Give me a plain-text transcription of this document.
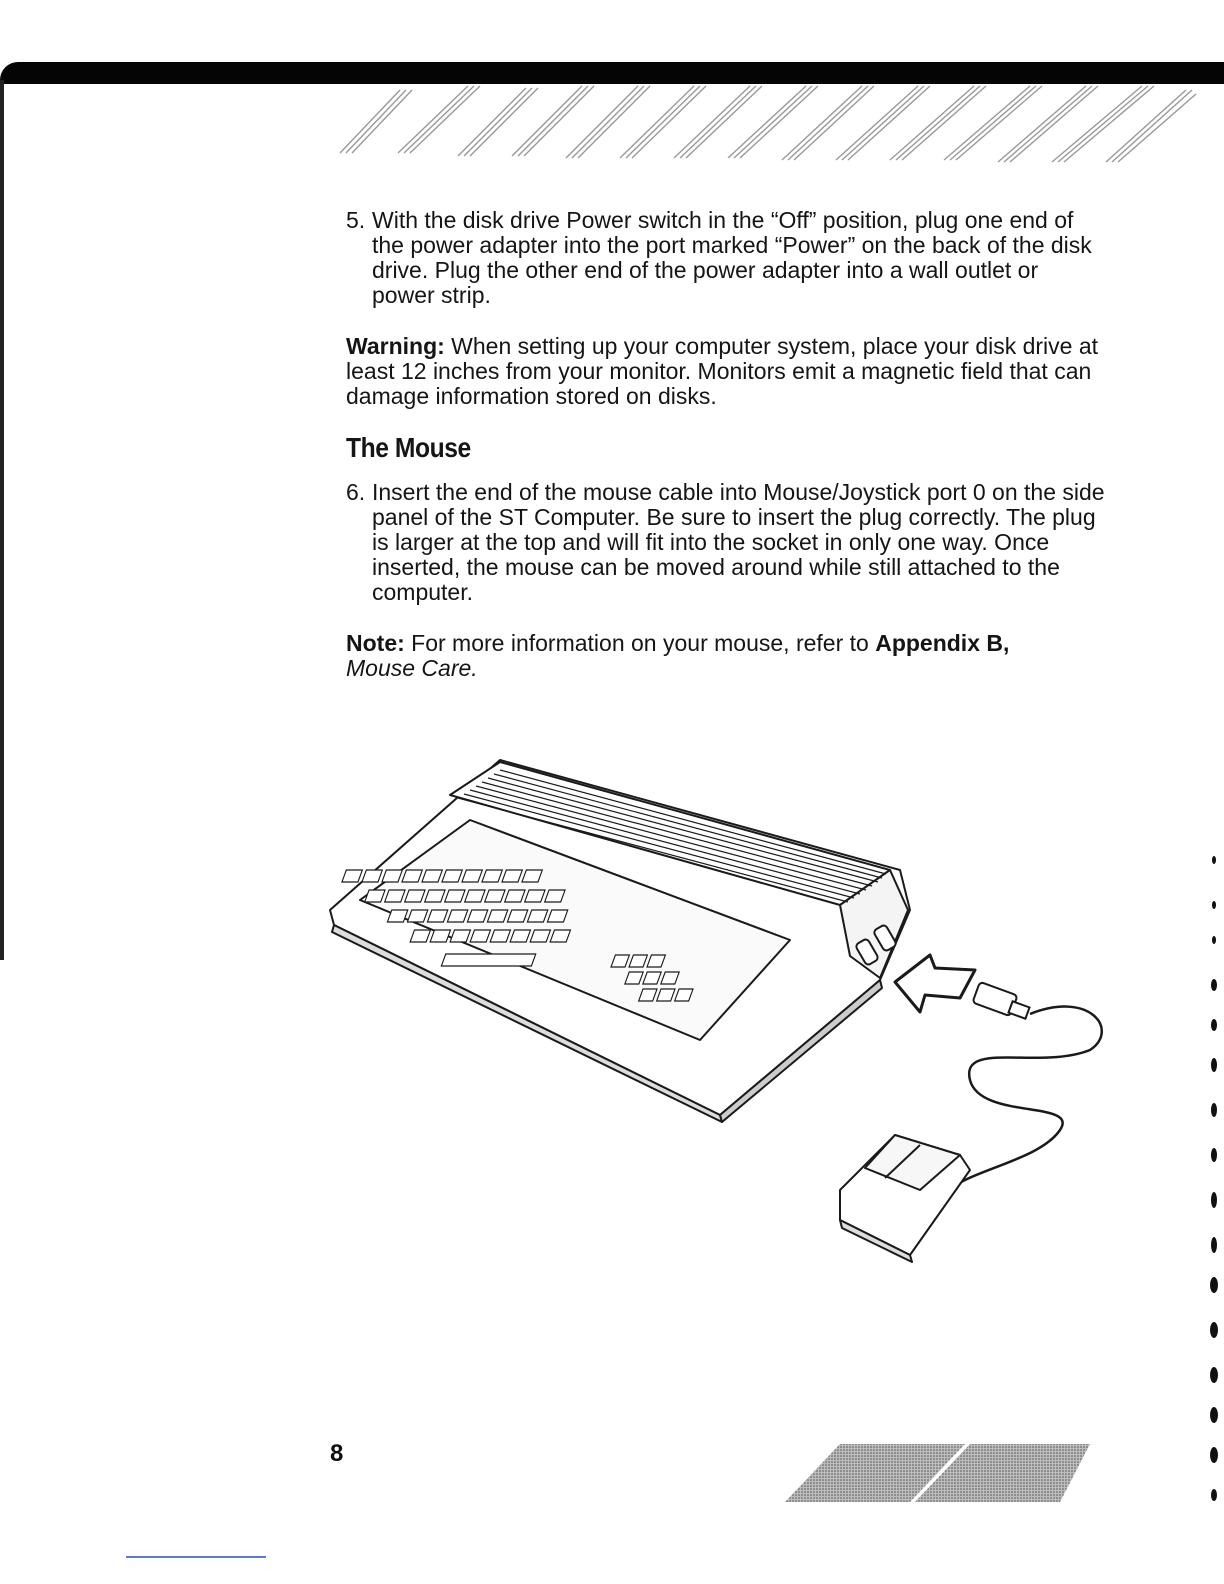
5. With the disk drive Power switch in the “Off” position, plug one end of the power adapter into the port marked “Power” on the back of the disk drive. Plug the other end of the power adapter into a wall outlet or power strip.
Warning: When setting up your computer system, place your disk drive at least 12 inches from your monitor. Monitors emit a magnetic field that can damage information stored on disks.
The Mouse
6. Insert the end of the mouse cable into Mouse/Joystick port 0 on the side panel of the ST Computer. Be sure to insert the plug correctly. The plug is larger at the top and will fit into the socket in only one way. Once inserted, the mouse can be moved around while still attached to the computer.
Note: For more information on your mouse, refer to Appendix B,
Mouse Care.
8
